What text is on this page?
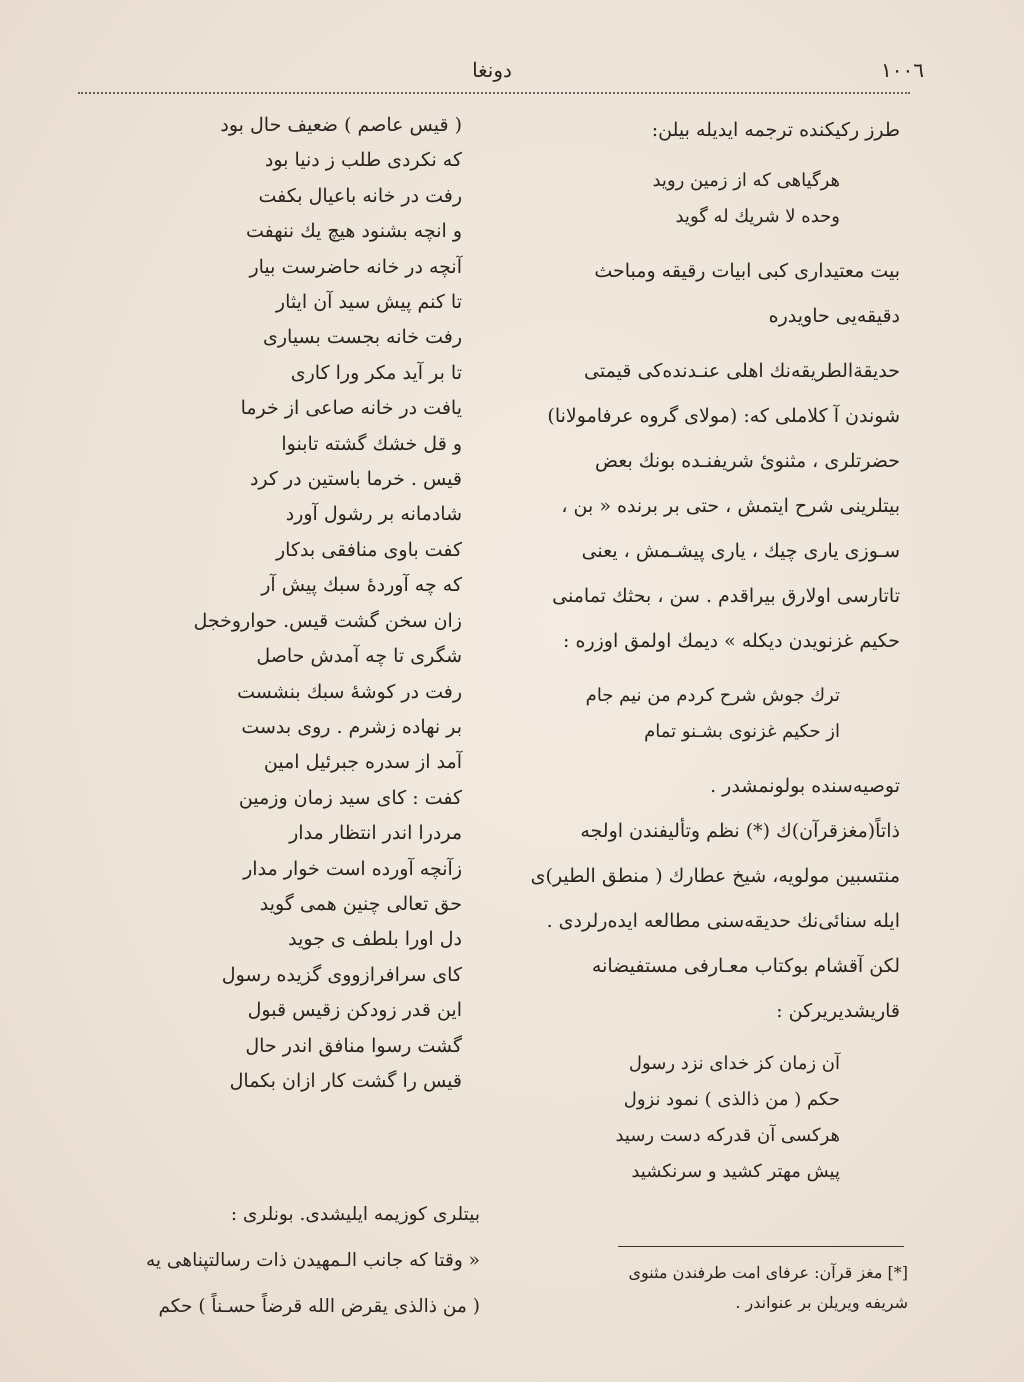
١٠٠٦
دونغا

طرز رکیکنده ترجمه ایدیله بیلن:

هرگیاهی که از زمین روید

وحده لا شریك له گوید

بیت معتیداری کبی ابیات رقیقه ومباحث

دقیقه‌یی حاویدره

حدیقة‌الطریقه‌نك اهلی عنـدنده‌کی قیمتی

شوندن آ کلاملی که: (مولای گروه عرفامولانا)

حضرتلری ، مثنوئ شریفنـده بونك بعض

بیتلرینی شرح ایتمش ، حتی بر برنده « بن ،

سـوزی یاری چیك ، یاری پیشـمش ، یعنی

تاتارسی اولارق بیراقدم . سن ، بحثك تمامنی

حکیم غزنویدن دیکله » دیمك اولمق اوزره :

ترك جوش شرح کردم من نیم جام

از حکیم غزنوی بشـنو تمام

توصیه‌سنده بولونمشدر .

ذاتاً(مغزقرآن)ك (*) نظم وتألیفندن اولجه

منتسبین مولویه، شیخ عطارك ( منطق الطیر)ی

ایله سنائی‌نك حدیقه‌سنی مطالعه ایده‌رلردی .

لکن آقشام بوکتاب معـارفی مستفیضانه

قاریشدیریرکن :

آن زمان کز خدای نزد رسول

حکم ( من ذالذی ) نمود نزول

هرکسی آن قدرکه دست رسید

پیش مهتر کشید و سرنکشید

[*] مغز قرآن: عرفای امت طرفندن مثنوی
شریفه ویریلن بر عنواندر .

( قیس عاصم ) ضعیف حال بود

که نکردی طلب ز دنیا بود

رفت در خانه باعیال بکفت

و انچه بشنود هیچ یك ننهفت

آنچه در خانه حاضرست بیار

تا کنم پیش سید آن ایثار

رفت خانه بجست بسیاری

تا بر آید مکر ورا کاری

یافت در خانه صاعی از خرما

و قل خشك گشته تابنوا

قیس . خرما باستین در کرد

شادمانه بر رشول آورد

کفت باوی منافقی بدکار

که چه آوردهٔ سبك پیش آر

زان سخن گشت قیس. حواروخجل

شگری تا چه آمدش حاصل

رفت در کوشهٔ سبك بنشست

بر نهاده زشرم . روی بدست

آمد از سدره جبرئیل امین

کفت : کای سید زمان وزمین

مردرا اندر انتظار مدار

زآنچه آورده است خوار مدار

حق تعالی چنین همی گوید

دل اورا بلطف ی جوید

کای سرافرازووی گزیده رسول

این قدر زودکن زقیس قبول

گشت رسوا منافق اندر حال

قیس را گشت کار ازان بکمال

بیتلری کوزیمه ایلیشدی. بونلری :
« وقتا که جانب الـمهیدن ذات رسالتپناهی یه
( من ذالذی یقرض الله قرضاً حسـناً ) حکم
